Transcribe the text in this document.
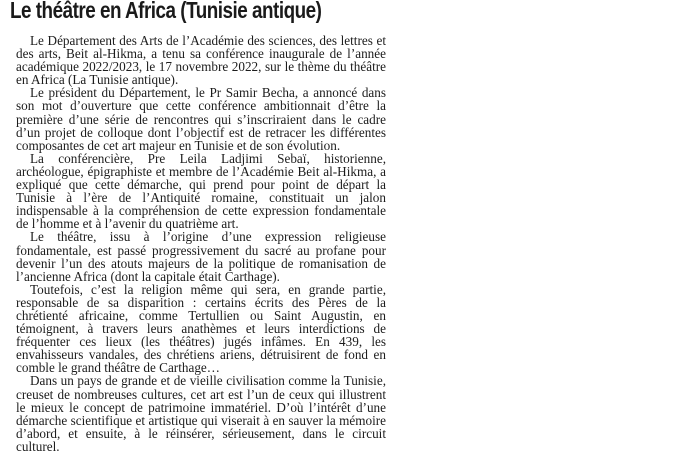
Le théâtre en Africa (Tunisie antique)

Le Département des Arts de l’Académie des sciences, des lettres et des arts, Beit al-Hikma, a tenu sa conférence inaugurale de l’année académique 2022/2023, le 17 novembre 2022, sur le thème du théâtre en Africa (La Tunisie antique).

Le président du Département, le Pr Samir Becha, a annoncé dans son mot d’ouverture que cette conférence ambitionnait d’être la première d’une série de rencontres qui s’inscriraient dans le cadre d’un projet de colloque dont l’objectif est de retracer les différentes composantes de cet art majeur en Tunisie et de son évolution.

La conférencière, Pre Leila Ladjimi Sebaï, historienne, archéologue, épigraphiste et membre de l’Académie Beit al-Hikma, a expliqué que cette démarche, qui prend pour point de départ la Tunisie à l’ère de l’Antiquité romaine, constituait un jalon indispensable à la compréhension de cette expression fondamentale de l’homme et à l’avenir du quatrième art.

Le théâtre, issu à l’origine d’une expression religieuse fondamentale, est passé progressivement du sacré au profane pour devenir l’un des atouts majeurs de la politique de romanisation de l’ancienne Africa (dont la capitale était Carthage).

Toutefois, c’est la religion même qui sera, en grande partie, responsable de sa disparition : certains écrits des Pères de la chrétienté africaine, comme Tertullien ou Saint Augustin, en témoignent, à travers leurs anathèmes et leurs interdictions de fréquenter ces lieux (les théâtres) jugés infâmes. En 439, les envahisseurs vandales, des chrétiens ariens, détruisirent de fond en comble le grand théâtre de Carthage…

Dans un pays de grande et de vieille civilisation comme la Tunisie, creuset de nombreuses cultures, cet art est l’un de ceux qui illustrent le mieux le concept de patrimoine immatériel. D’où l’intérêt d’une démarche scientifique et artistique qui viserait à en sauver la mémoire d’abord, et ensuite, à le réinsérer, sérieusement, dans le circuit culturel.
